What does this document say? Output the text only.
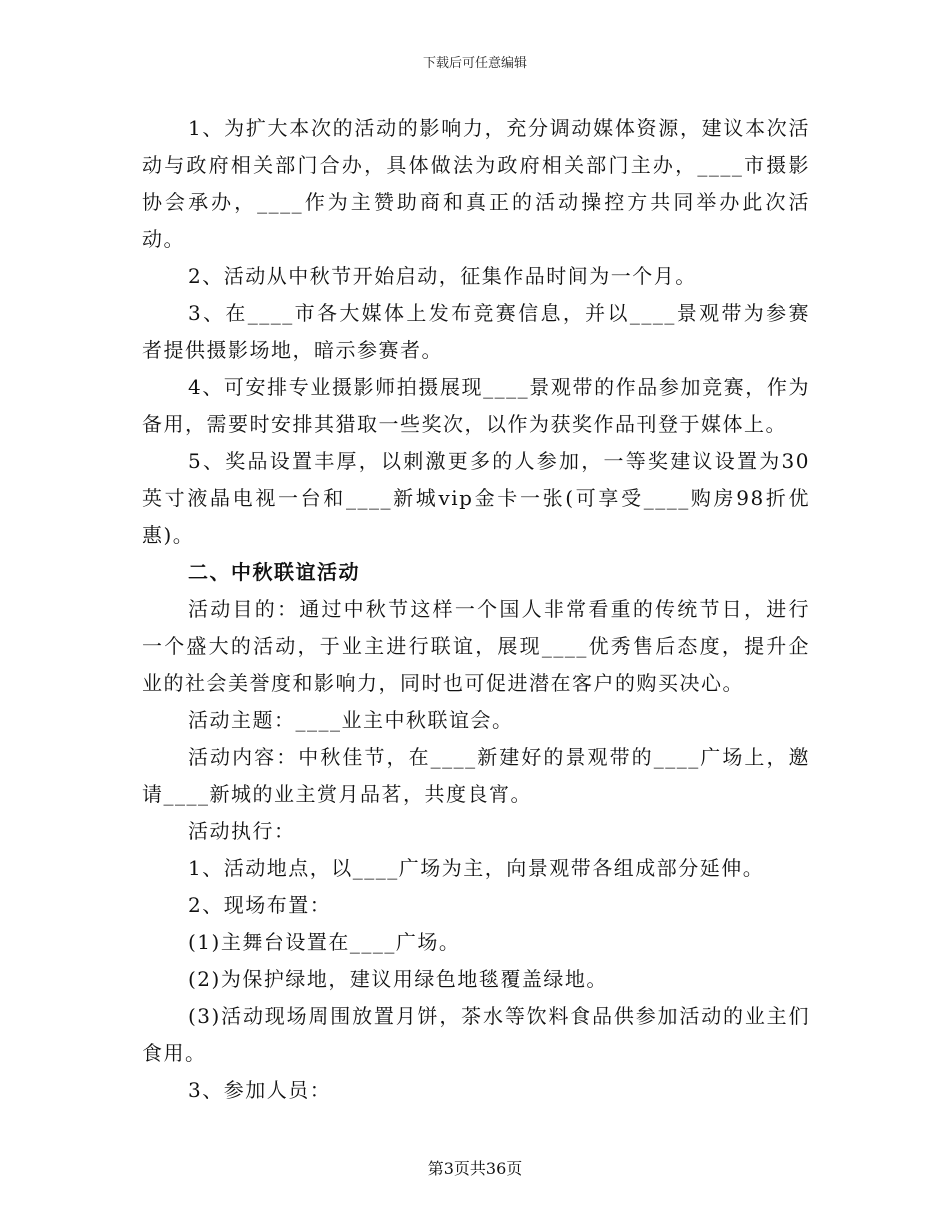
下载后可任意编辑

1、为扩大本次的活动的影响力，充分调动媒体资源，建议本次活动与政府相关部门合办，具体做法为政府相关部门主办，____市摄影协会承办，____作为主赞助商和真正的活动操控方共同举办此次活动。

2、活动从中秋节开始启动，征集作品时间为一个月。

3、在____市各大媒体上发布竞赛信息，并以____景观带为参赛者提供摄影场地，暗示参赛者。

4、可安排专业摄影师拍摄展现____景观带的作品参加竞赛，作为备用，需要时安排其猎取一些奖次，以作为获奖作品刊登于媒体上。

5、奖品设置丰厚，以刺激更多的人参加，一等奖建议设置为30英寸液晶电视一台和____新城vip金卡一张(可享受____购房98折优惠)。

二、中秋联谊活动

活动目的：通过中秋节这样一个国人非常看重的传统节日，进行一个盛大的活动，于业主进行联谊，展现____优秀售后态度，提升企业的社会美誉度和影响力，同时也可促进潜在客户的购买决心。

活动主题：____业主中秋联谊会。

活动内容：中秋佳节，在____新建好的景观带的____广场上，邀请____新城的业主赏月品茗，共度良宵。

活动执行：

1、活动地点，以____广场为主，向景观带各组成部分延伸。

2、现场布置：

(1)主舞台设置在____广场。

(2)为保护绿地，建议用绿色地毯覆盖绿地。

(3)活动现场周围放置月饼，茶水等饮料食品供参加活动的业主们食用。

3、参加人员：

第3页共36页
